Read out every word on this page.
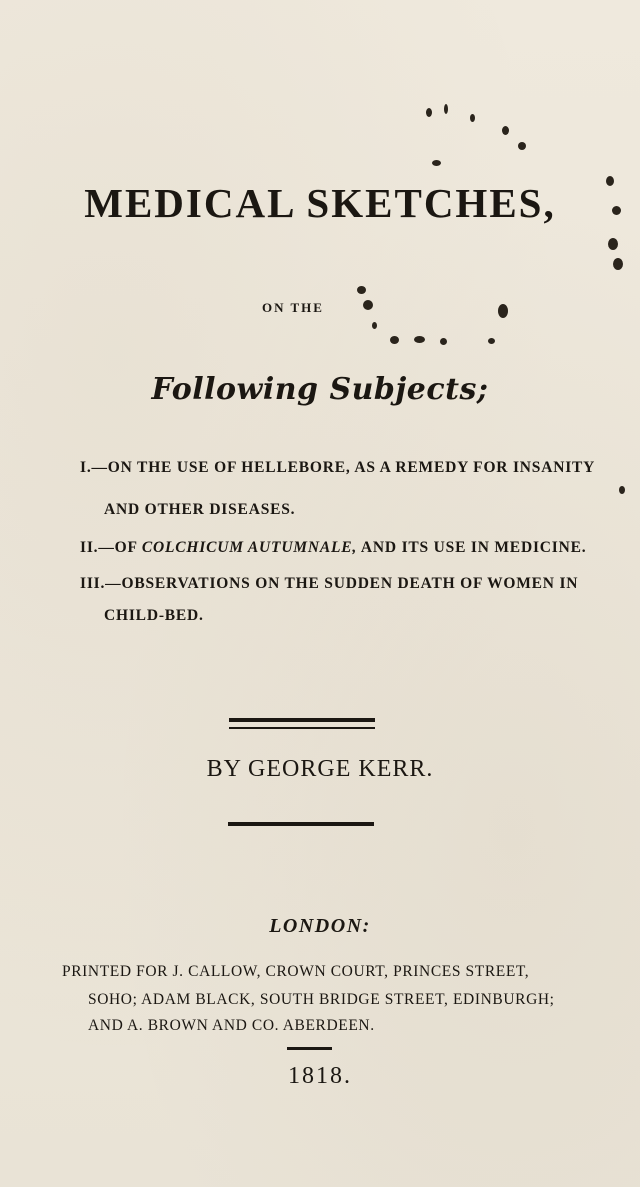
MEDICAL SKETCHES,
ON THE
Following Subjects;
I.—ON THE USE OF HELLEBORE, AS A REMEDY FOR INSANITY
AND OTHER DISEASES.
II.—OF COLCHICUM AUTUMNALE, AND ITS USE IN MEDICINE.
III.—OBSERVATIONS ON THE SUDDEN DEATH OF WOMEN IN
CHILD-BED.
BY GEORGE KERR.
LONDON:
PRINTED FOR J. CALLOW, CROWN COURT, PRINCES STREET,
SOHO; ADAM BLACK, SOUTH BRIDGE STREET, EDINBURGH;
AND A. BROWN AND CO. ABERDEEN.
1818.
